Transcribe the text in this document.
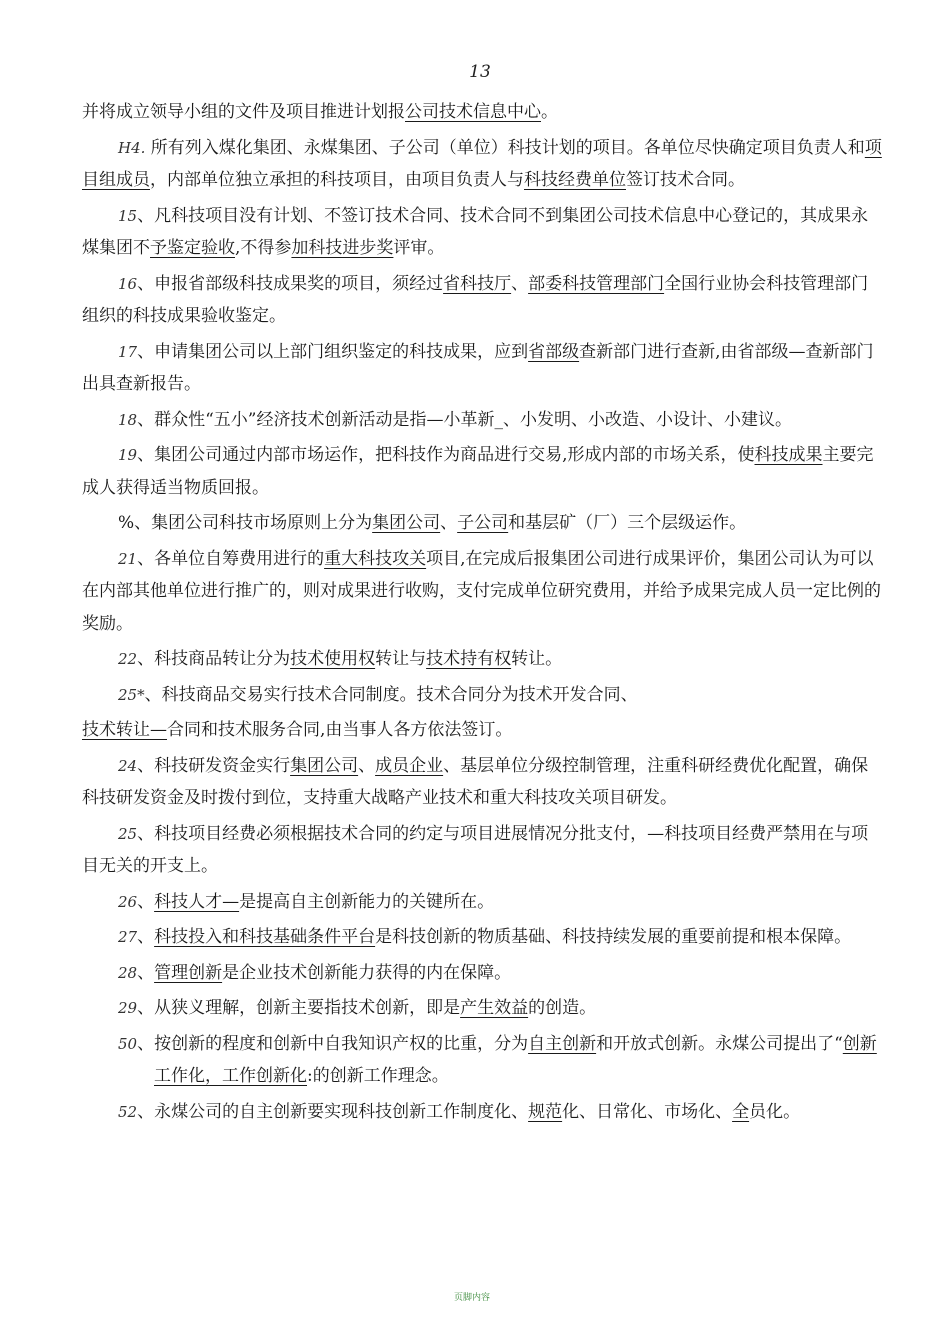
13

并将成立领导小组的文件及项目推进计划报公司技术信息中心。

H4. 所有列入煤化集团、永煤集团、子公司（单位）科技计划的项目。各单位尽快确定项目负责人和项目组成员，内部单位独立承担的科技项目，由项目负责人与科技经费单位签订技术合同。

15、凡科技项目没有计划、不签订技术合同、技术合同不到集团公司技术信息中心登记的，其成果永煤集团不予鉴定验收,不得参加科技进步奖评审。

16、申报省部级科技成果奖的项目，须经过省科技厅、部委科技管理部门全国行业协会科技管理部门组织的科技成果验收鉴定。

17、申请集团公司以上部门组织鉴定的科技成果，应到省部级查新部门进行查新,由省部级—查新部门出具查新报告。

18、群众性“五小”经济技术创新活动是指—小革新_、小发明、小改造、小设计、小建议。

19、集团公司通过内部市场运作，把科技作为商品进行交易,形成内部的市场关系，使科技成果主要完成人获得适当物质回报。

%、集团公司科技市场原则上分为集团公司、子公司和基层矿（厂）三个层级运作。

21、各单位自筹费用进行的重大科技攻关项目,在完成后报集团公司进行成果评价，集团公司认为可以在内部其他单位进行推广的，则对成果进行收购，支付完成单位研究费用，并给予成果完成人员一定比例的奖励。

22、科技商品转让分为技术使用权转让与技术持有权转让。

25*、科技商品交易实行技术合同制度。技术合同分为技术开发合同、

技术转让—合同和技术服务合同,由当事人各方依法签订。

24、科技研发资金实行集团公司、成员企业、基层单位分级控制管理，注重科研经费优化配置，确保科技研发资金及时拨付到位，支持重大战略产业技术和重大科技攻关项目研发。

25、科技项目经费必须根据技术合同的约定与项目进展情况分批支付，—科技项目经费严禁用在与项目无关的开支上。

26、科技人才—是提高自主创新能力的关键所在。

27、科技投入和科技基础条件平台是科技创新的物质基础、科技持续发展的重要前提和根本保障。

28、管理创新是企业技术创新能力获得的内在保障。

29、从狭义理解，创新主要指技术创新，即是产生效益的创造。

50、按创新的程度和创新中自我知识产权的比重，分为自主创新和开放式创新。永煤公司提出了“创新工作化，工作创新化:的创新工作理念。

52、永煤公司的自主创新要实现科技创新工作制度化、规范化、日常化、市场化、全员化。

页脚内容
